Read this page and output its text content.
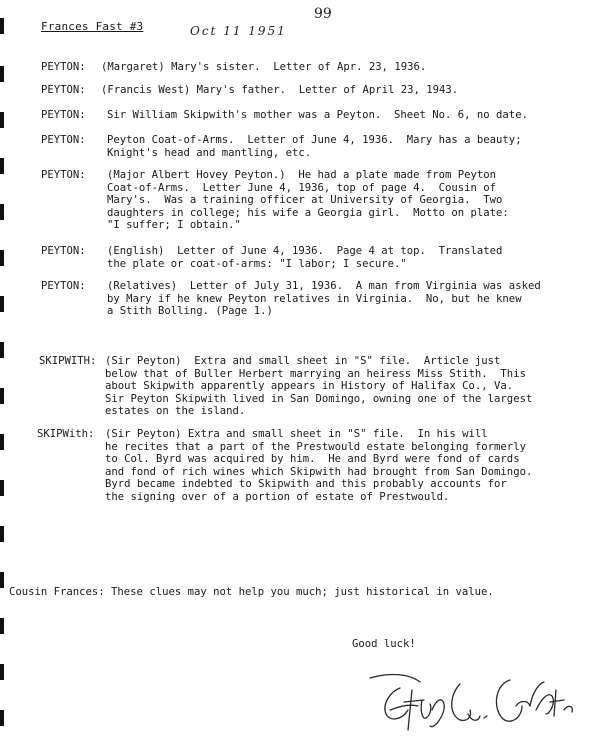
Frances Fast #3	Oct 11 1951
99
PEYTON: (Margaret) Mary's sister.  Letter of Apr. 23, 1936.
PEYTON: (Francis West) Mary's father.  Letter of April 23, 1943.
PEYTON: Sir William Skipwith's mother was a Peyton.  Sheet No. 6, no date.
PEYTON: Peyton Coat-of-Arms.  Letter of June 4, 1936.  Mary has a beauty;
Knight's head and mantling, etc.
PEYTON: (Major Albert Hovey Peyton.)  He had a plate made from Peyton
Coat-of-Arms.  Letter June 4, 1936, top of page 4.  Cousin of
Mary's.  Was a training officer at University of Georgia.  Two
daughters in college; his wife a Georgia girl.  Motto on plate:
"I suffer; I obtain."
PEYTON: (English)  Letter of June 4, 1936.  Page 4 at top.  Translated
the plate or coat-of-arms: "I labor; I secure."
PEYTON: (Relatives)  Letter of July 31, 1936.  A man from Virginia was asked
by Mary if he knew Peyton relatives in Virginia.  No, but he knew
a Stith Bolling. (Page 1.)
SKIPWITH: (Sir Peyton)  Extra and small sheet in "S" file.  Article just
below that of Buller Herbert marrying an heiress Miss Stith.  This
about Skipwith apparently appears in History of Halifax Co., Va.
Sir Peyton Skipwith lived in San Domingo, owning one of the largest
estates on the island.
SKIPWith: (Sir Peyton) Extra and small sheet in "S" file.  In his will
he recites that a part of the Prestwould estate belonging formerly
to Col. Byrd was acquired by him.  He and Byrd were fond of cards
and fond of rich wines which Skipwith had brought from San Domingo.
Byrd became indebted to Skipwith and this probably accounts for
the signing over of a portion of estate of Prestwould.
Cousin Frances: These clues may not help you much; just historical in value.
Good luck!
